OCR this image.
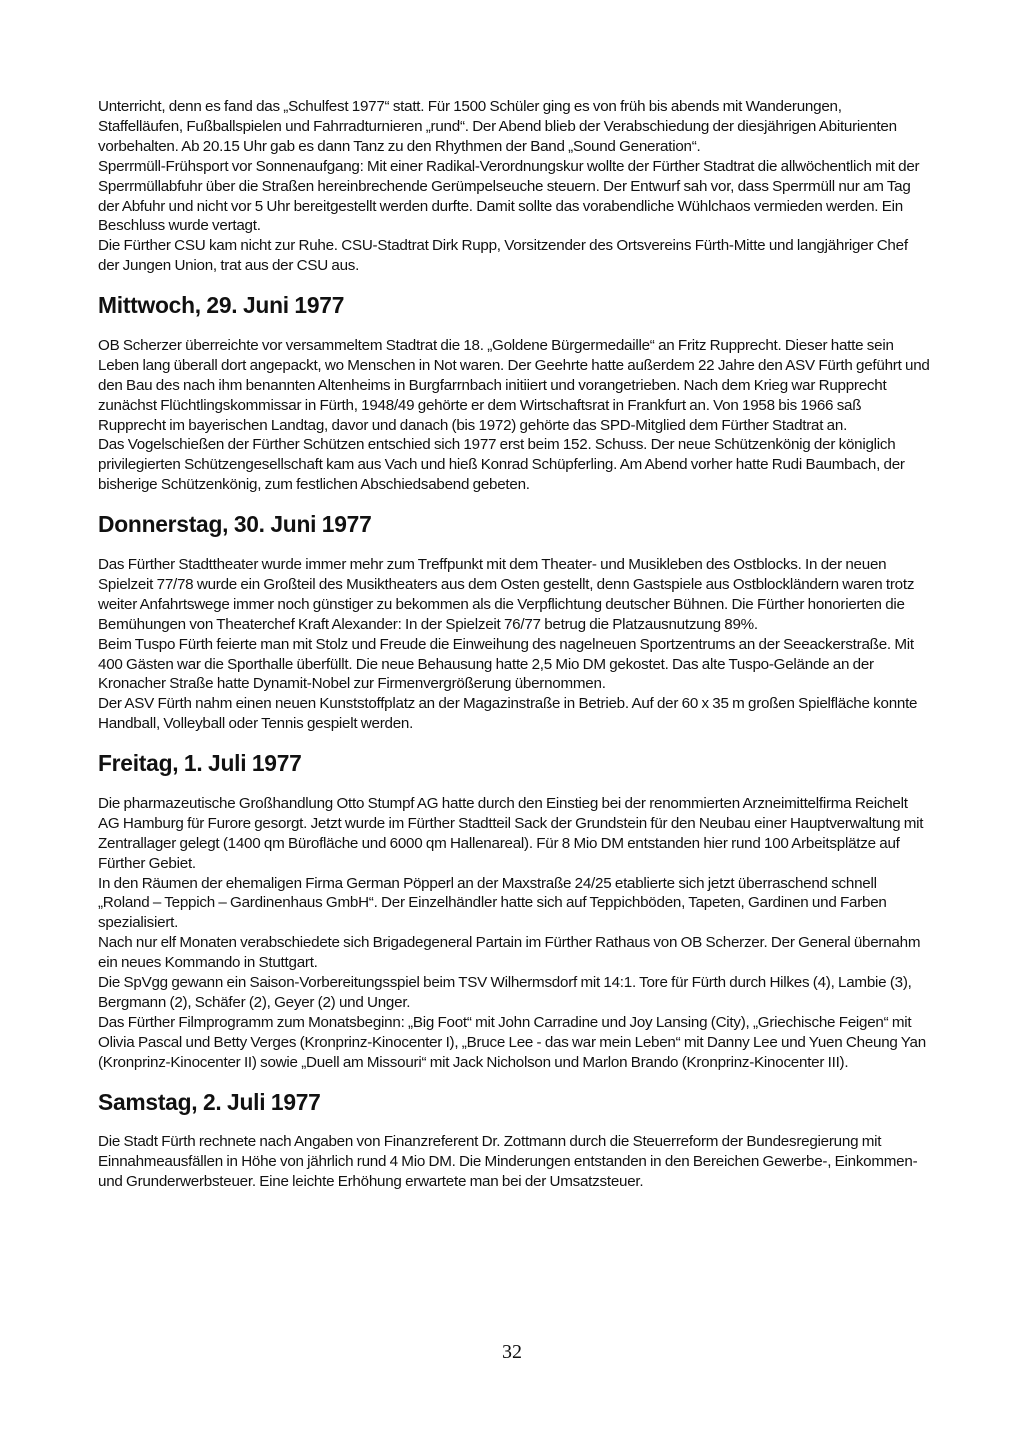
Unterricht, denn es fand das „Schulfest 1977“ statt. Für 1500 Schüler ging es von früh bis abends mit Wanderungen, Staffelläufen, Fußballspielen und Fahrradturnieren „rund“. Der Abend blieb der Verabschiedung der diesjährigen Abiturienten vorbehalten. Ab 20.15 Uhr gab es dann Tanz zu den Rhythmen der Band „Sound Generation“.

Sperrmüll-Frühsport vor Sonnenaufgang: Mit einer Radikal-Verordnungskur wollte der Fürther Stadtrat die allwöchentlich mit der Sperrmüllabfuhr über die Straßen hereinbrechende Gerümpelseuche steuern. Der Entwurf sah vor, dass Sperrmüll nur am Tag der Abfuhr und nicht vor 5 Uhr bereitgestellt werden durfte. Damit sollte das vorabendliche Wühlchaos vermieden werden. Ein Beschluss wurde vertagt.

Die Fürther CSU kam nicht zur Ruhe. CSU-Stadtrat Dirk Rupp, Vorsitzender des Ortsvereins Fürth-Mitte und langjähriger Chef der Jungen Union, trat aus der CSU aus.

Mittwoch, 29. Juni 1977

OB Scherzer überreichte vor versammeltem Stadtrat die 18. „Goldene Bürgermedaille“ an Fritz Rupprecht. Dieser hatte sein Leben lang überall dort angepackt, wo Menschen in Not waren. Der Geehrte hatte außerdem 22 Jahre den ASV Fürth geführt und den Bau des nach ihm benannten Altenheims in Burgfarrnbach initiiert und vorangetrieben. Nach dem Krieg war Rupprecht zunächst Flüchtlingskommissar in Fürth, 1948/49 gehörte er dem Wirtschaftsrat in Frankfurt an. Von 1958 bis 1966 saß Rupprecht im bayerischen Landtag, davor und danach (bis 1972) gehörte das SPD-Mitglied dem Fürther Stadtrat an.

Das Vogelschießen der Fürther Schützen entschied sich 1977 erst beim 152. Schuss. Der neue Schützenkönig der königlich privilegierten Schützengesellschaft kam aus Vach und hieß Konrad Schüpferling. Am Abend vorher hatte Rudi Baumbach, der bisherige Schützenkönig, zum festlichen Abschiedsabend gebeten.

Donnerstag, 30. Juni 1977

Das Fürther Stadttheater wurde immer mehr zum Treffpunkt mit dem Theater- und Musikleben des Ostblocks. In der neuen Spielzeit 77/78 wurde ein Großteil des Musiktheaters aus dem Osten gestellt, denn Gastspiele aus Ostblockländern waren trotz weiter Anfahrtswege immer noch günstiger zu bekommen als die Verpflichtung deutscher Bühnen. Die Fürther honorierten die Bemühungen von Theaterchef Kraft Alexander: In der Spielzeit 76/77 betrug die Platzausnutzung 89%.

Beim Tuspo Fürth feierte man mit Stolz und Freude die Einweihung des nagelneuen Sportzentrums an der Seeackerstraße. Mit 400 Gästen war die Sporthalle überfüllt. Die neue Behausung hatte 2,5 Mio DM gekostet. Das alte Tuspo-Gelände an der Kronacher Straße hatte Dynamit-Nobel zur Firmenvergrößerung übernommen.

Der ASV Fürth nahm einen neuen Kunststoffplatz an der Magazinstraße in Betrieb. Auf der 60 x 35 m großen Spielfläche konnte Handball, Volleyball oder Tennis gespielt werden.

Freitag, 1. Juli 1977

Die pharmazeutische Großhandlung Otto Stumpf AG hatte durch den Einstieg bei der renommierten Arzneimittelfirma Reichelt AG Hamburg für Furore gesorgt. Jetzt wurde im Fürther Stadtteil Sack der Grundstein für den Neubau einer Hauptverwaltung mit Zentrallager gelegt (1400 qm Bürofläche und 6000 qm Hallenareal). Für 8 Mio DM entstanden hier rund 100 Arbeitsplätze auf Fürther Gebiet.

In den Räumen der ehemaligen Firma German Pöpperl an der Maxstraße 24/25 etablierte sich jetzt überraschend schnell „Roland – Teppich – Gardinenhaus GmbH“. Der Einzelhändler hatte sich auf Teppichböden, Tapeten, Gardinen und Farben spezialisiert.

Nach nur elf Monaten verabschiedete sich Brigadegeneral Partain im Fürther Rathaus von OB Scherzer. Der General übernahm ein neues Kommando in Stuttgart.

Die SpVgg gewann ein Saison-Vorbereitungsspiel beim TSV Wilhermsdorf mit 14:1. Tore für Fürth durch Hilkes (4), Lambie (3), Bergmann (2), Schäfer (2), Geyer (2) und Unger.

Das Fürther Filmprogramm zum Monatsbeginn: „Big Foot“ mit John Carradine und Joy Lansing (City), „Griechische Feigen“ mit Olivia Pascal und Betty Verges (Kronprinz-Kinocenter I), „Bruce Lee - das war mein Leben“ mit Danny Lee und Yuen Cheung Yan (Kronprinz-Kinocenter II) sowie „Duell am Missouri“ mit Jack Nicholson und Marlon Brando (Kronprinz-Kinocenter III).

Samstag, 2. Juli 1977

Die Stadt Fürth rechnete nach Angaben von Finanzreferent Dr. Zottmann durch die Steuerreform der Bundesregierung mit Einnahmeausfällen in Höhe von jährlich rund 4 Mio DM. Die Minderungen entstanden in den Bereichen Gewerbe-, Einkommen- und Grunderwerbsteuer. Eine leichte Erhöhung erwartete man bei der Umsatzsteuer.

32
